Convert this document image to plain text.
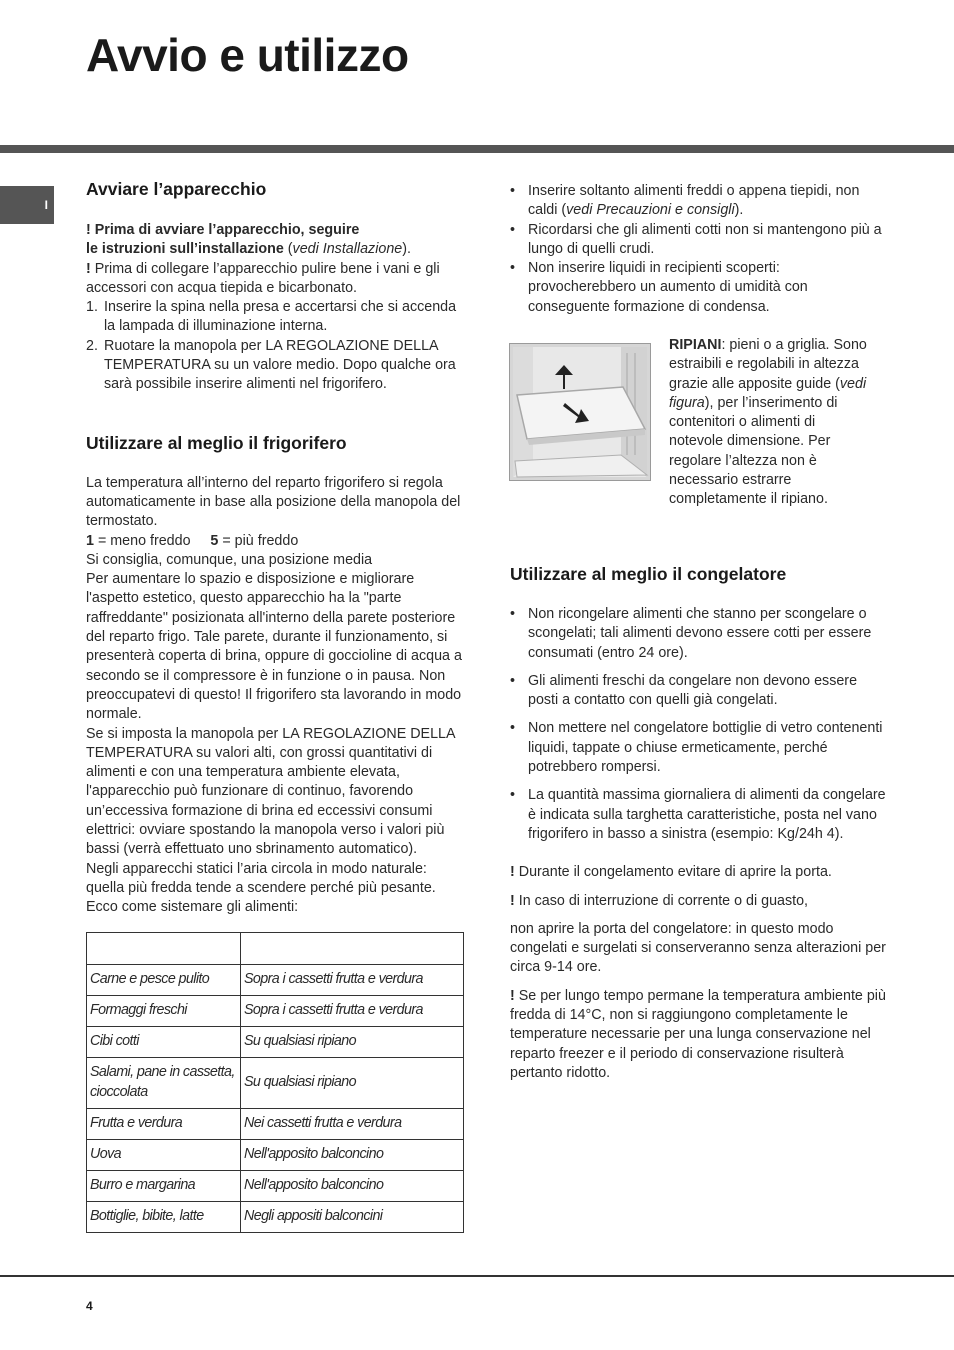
Avvio e utilizzo
I
Avviare l’apparecchio

! Prima di avviare l’apparecchio, seguire
le istruzioni sull’installazione (vedi Installazione).

! Prima di collegare l’apparecchio pulire bene i vani e gli accessori con acqua tiepida e bicarbonato.

1. Inserire la spina nella presa e accertarsi che si accenda la lampada di illuminazione interna.
2. Ruotare la manopola per LA REGOLAZIONE DELLA TEMPERATURA su un valore medio. Dopo qualche ora sarà possibile inserire alimenti nel frigorifero.
Utilizzare al meglio il frigorifero

La temperatura all’interno del reparto frigorifero si regola automaticamente in base alla posizione della manopola del termostato.

1 = meno freddo 5 = più freddo

Si consiglia, comunque, una posizione media

Per aumentare lo spazio e disposizione e migliorare l'aspetto estetico, questo apparecchio ha la "parte raffreddante" posizionata all'interno della parete posteriore del reparto frigo. Tale parete, durante il funzionamento, si presenterà coperta di brina, oppure di goccioline di acqua a secondo se il compressore è in funzione o in pausa. Non preoccupatevi di questo! Il frigorifero sta lavorando in modo normale.

Se si imposta la manopola per LA REGOLAZIONE DELLA TEMPERATURA su valori alti, con grossi quantitativi di alimenti e con una temperatura ambiente elevata, l'apparecchio può funzionare di continuo, favorendo un’eccessiva formazione di brina ed eccessivi consumi elettrici: ovviare spostando la manopola verso i valori più bassi (verrà effettuato uno sbrinamento automatico).

Negli apparecchi statici l’aria circola in modo naturale: quella più fredda tende a scendere perché più pesante. Ecco come sistemare gli alimenti:

Carne e pesce pulito	Sopra i cassetti frutta e verdura
Formaggi freschi	Sopra i cassetti frutta e verdura
Cibi cotti	Su qualsiasi ripiano
Salami, pane in cassetta, cioccolata	Su qualsiasi ripiano
Frutta e verdura	Nei cassetti frutta e verdura
Uova	Nell'apposito balconcino
Burro e margarina	Nell'apposito balconcino
Bottiglie, bibite, latte	Negli appositi balconcini
• Inserire soltanto alimenti freddi o appena tiepidi, non caldi (vedi Precauzioni e consigli).
• Ricordarsi che gli alimenti cotti non si mantengono più a lungo di quelli crudi.
• Non inserire liquidi in recipienti scoperti: provocherebbero un aumento di umidità con conseguente formazione di condensa.
RIPIANI: pieni o a griglia. Sono estraibili e regolabili in altezza grazie alle apposite guide (vedi figura), per l’inserimento di contenitori o alimenti di notevole dimensione. Per regolare l’altezza non è necessario estrarre completamente il ripiano.
Utilizzare al meglio il congelatore
• Non ricongelare alimenti che stanno per scongelare o scongelati; tali alimenti devono essere cotti per essere consumati (entro 24 ore).
• Gli alimenti freschi da congelare non devono essere posti a contatto con quelli già congelati.
• Non mettere nel congelatore bottiglie di vetro contenenti liquidi, tappate o chiuse ermeticamente, perché potrebbero rompersi.
• La quantità massima giornaliera di alimenti da congelare è indicata sulla targhetta caratteristiche, posta nel vano frigorifero in basso a sinistra (esempio: Kg/24h 4).

! Durante il congelamento evitare di aprire la porta.

! In caso di interruzione di corrente o di guasto,

non aprire la porta del congelatore: in questo modo congelati e surgelati si conserveranno senza alterazioni per circa 9-14 ore.

! Se per lungo tempo permane la temperatura ambiente più fredda di 14°C, non si raggiungono completamente le temperature necessarie per una lunga conservazione nel reparto freezer e il periodo di conservazione risulterà pertanto ridotto.

4
